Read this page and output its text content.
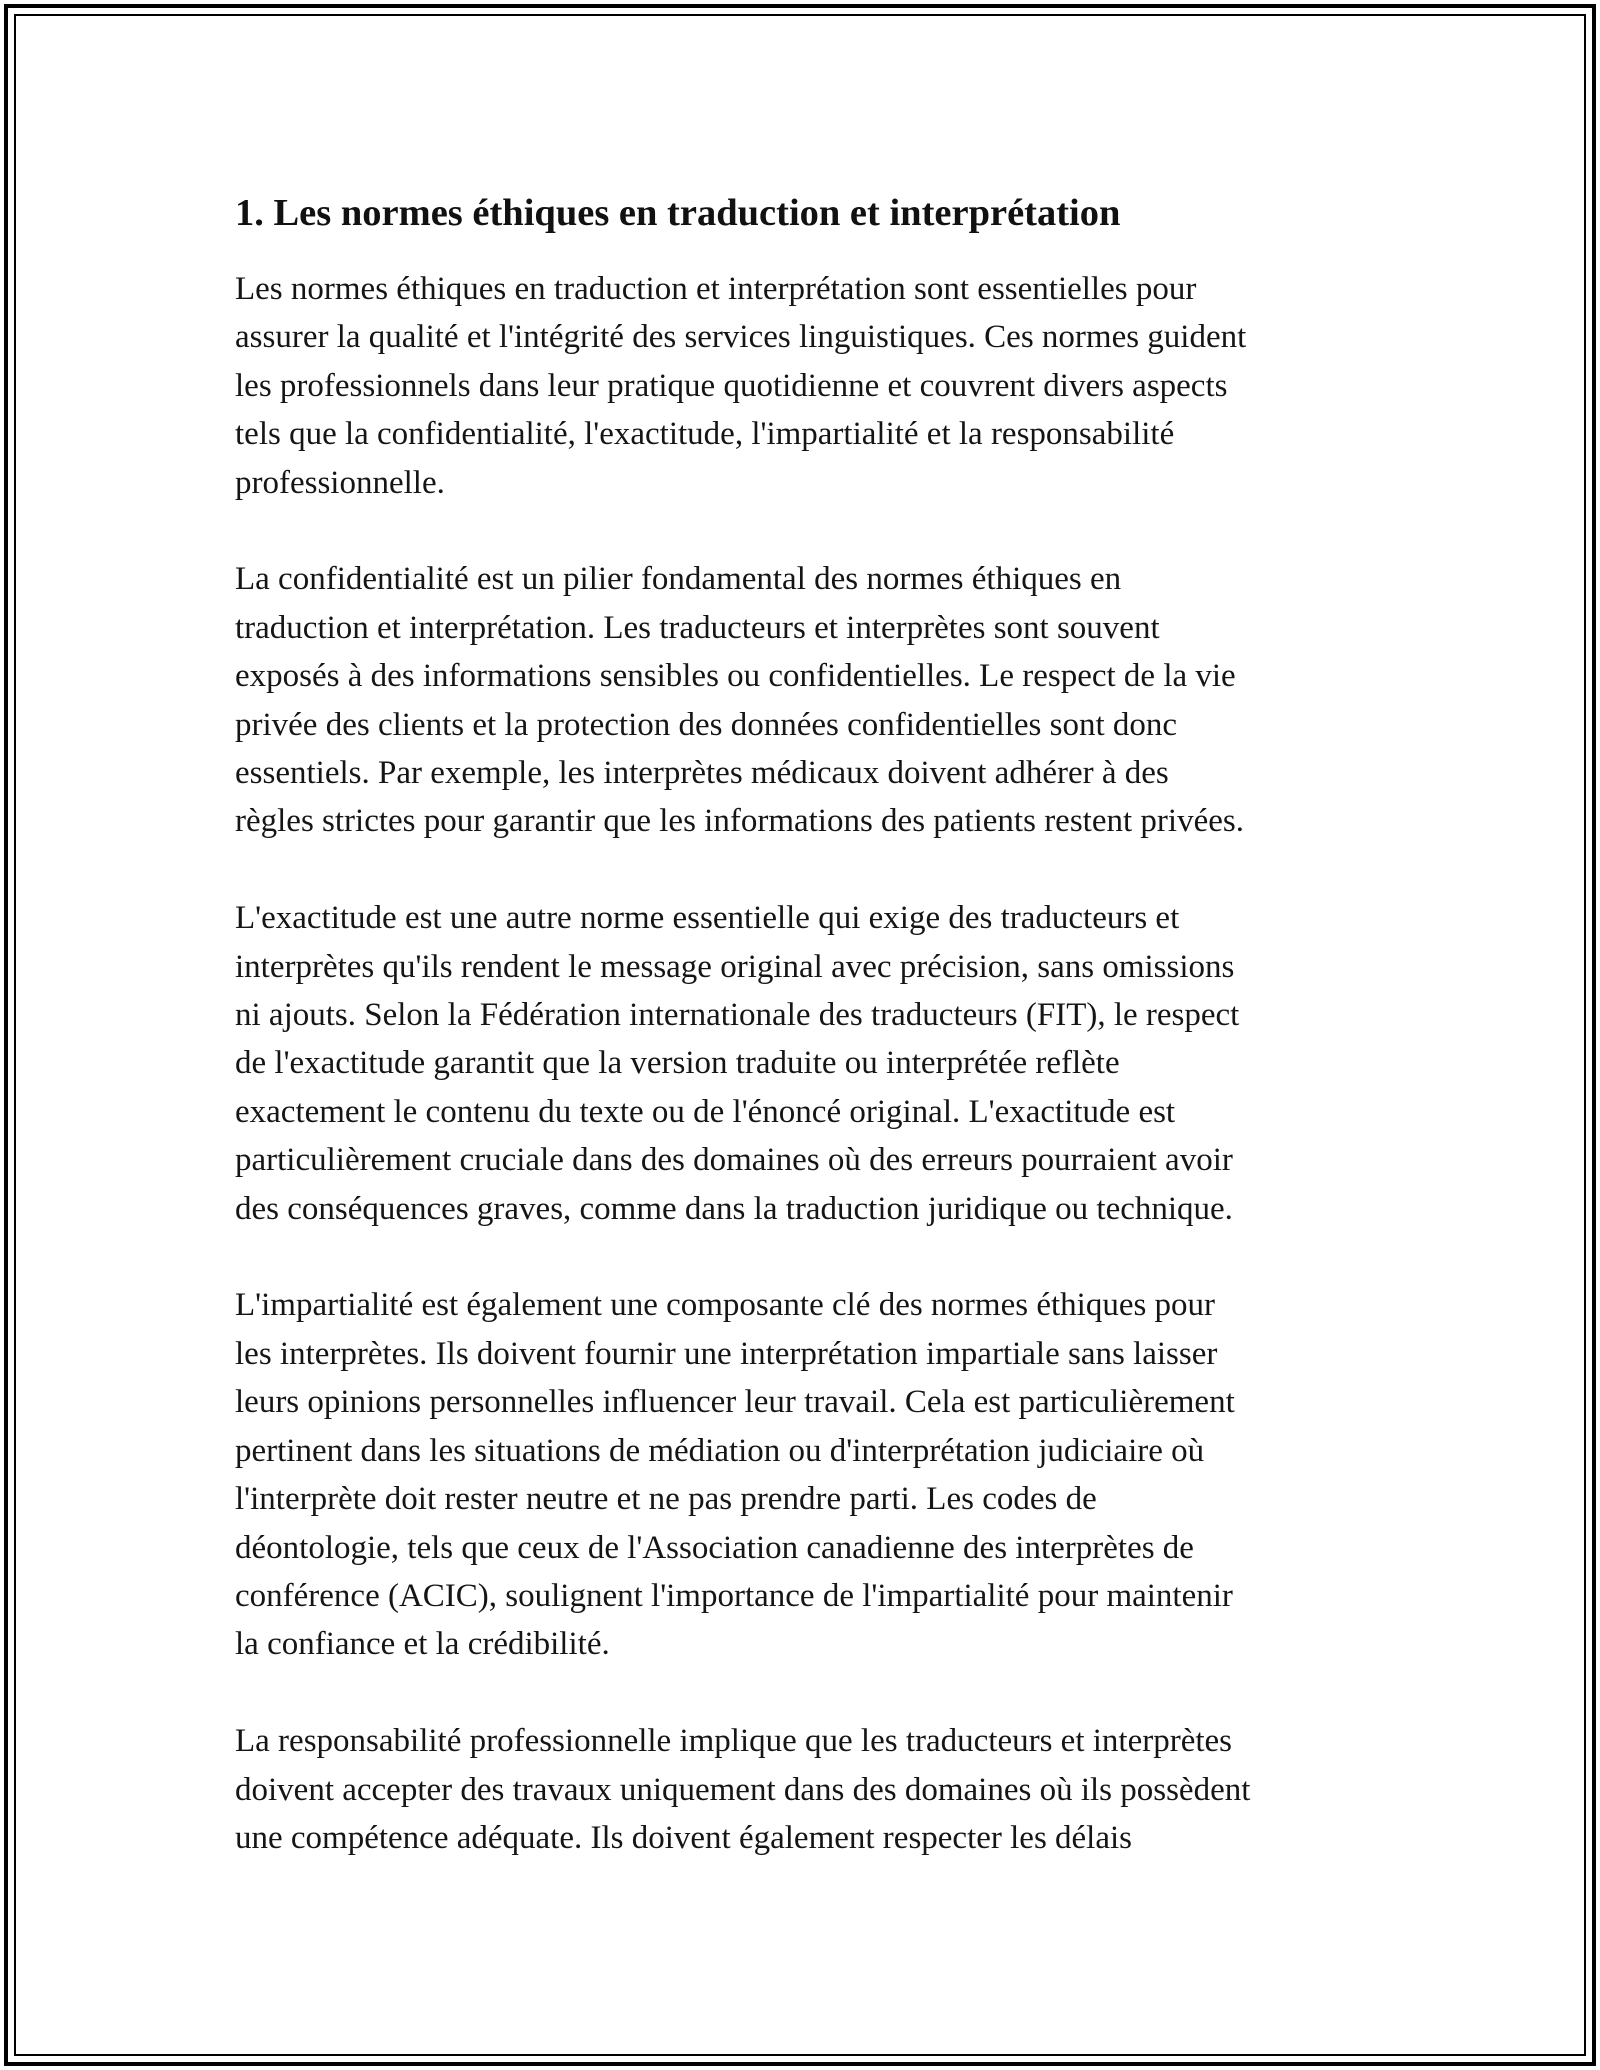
1. Les normes éthiques en traduction et interprétation

Les normes éthiques en traduction et interprétation sont essentielles pour
assurer la qualité et l'intégrité des services linguistiques. Ces normes guident
les professionnels dans leur pratique quotidienne et couvrent divers aspects
tels que la confidentialité, l'exactitude, l'impartialité et la responsabilité
professionnelle.

La confidentialité est un pilier fondamental des normes éthiques en
traduction et interprétation. Les traducteurs et interprètes sont souvent
exposés à des informations sensibles ou confidentielles. Le respect de la vie
privée des clients et la protection des données confidentielles sont donc
essentiels. Par exemple, les interprètes médicaux doivent adhérer à des
règles strictes pour garantir que les informations des patients restent privées.

L'exactitude est une autre norme essentielle qui exige des traducteurs et
interprètes qu'ils rendent le message original avec précision, sans omissions
ni ajouts. Selon la Fédération internationale des traducteurs (FIT), le respect
de l'exactitude garantit que la version traduite ou interprétée reflète
exactement le contenu du texte ou de l'énoncé original. L'exactitude est
particulièrement cruciale dans des domaines où des erreurs pourraient avoir
des conséquences graves, comme dans la traduction juridique ou technique.

L'impartialité est également une composante clé des normes éthiques pour
les interprètes. Ils doivent fournir une interprétation impartiale sans laisser
leurs opinions personnelles influencer leur travail. Cela est particulièrement
pertinent dans les situations de médiation ou d'interprétation judiciaire où
l'interprète doit rester neutre et ne pas prendre parti. Les codes de
déontologie, tels que ceux de l'Association canadienne des interprètes de
conférence (ACIC), soulignent l'importance de l'impartialité pour maintenir
la confiance et la crédibilité.

La responsabilité professionnelle implique que les traducteurs et interprètes
doivent accepter des travaux uniquement dans des domaines où ils possèdent
une compétence adéquate. Ils doivent également respecter les délais
